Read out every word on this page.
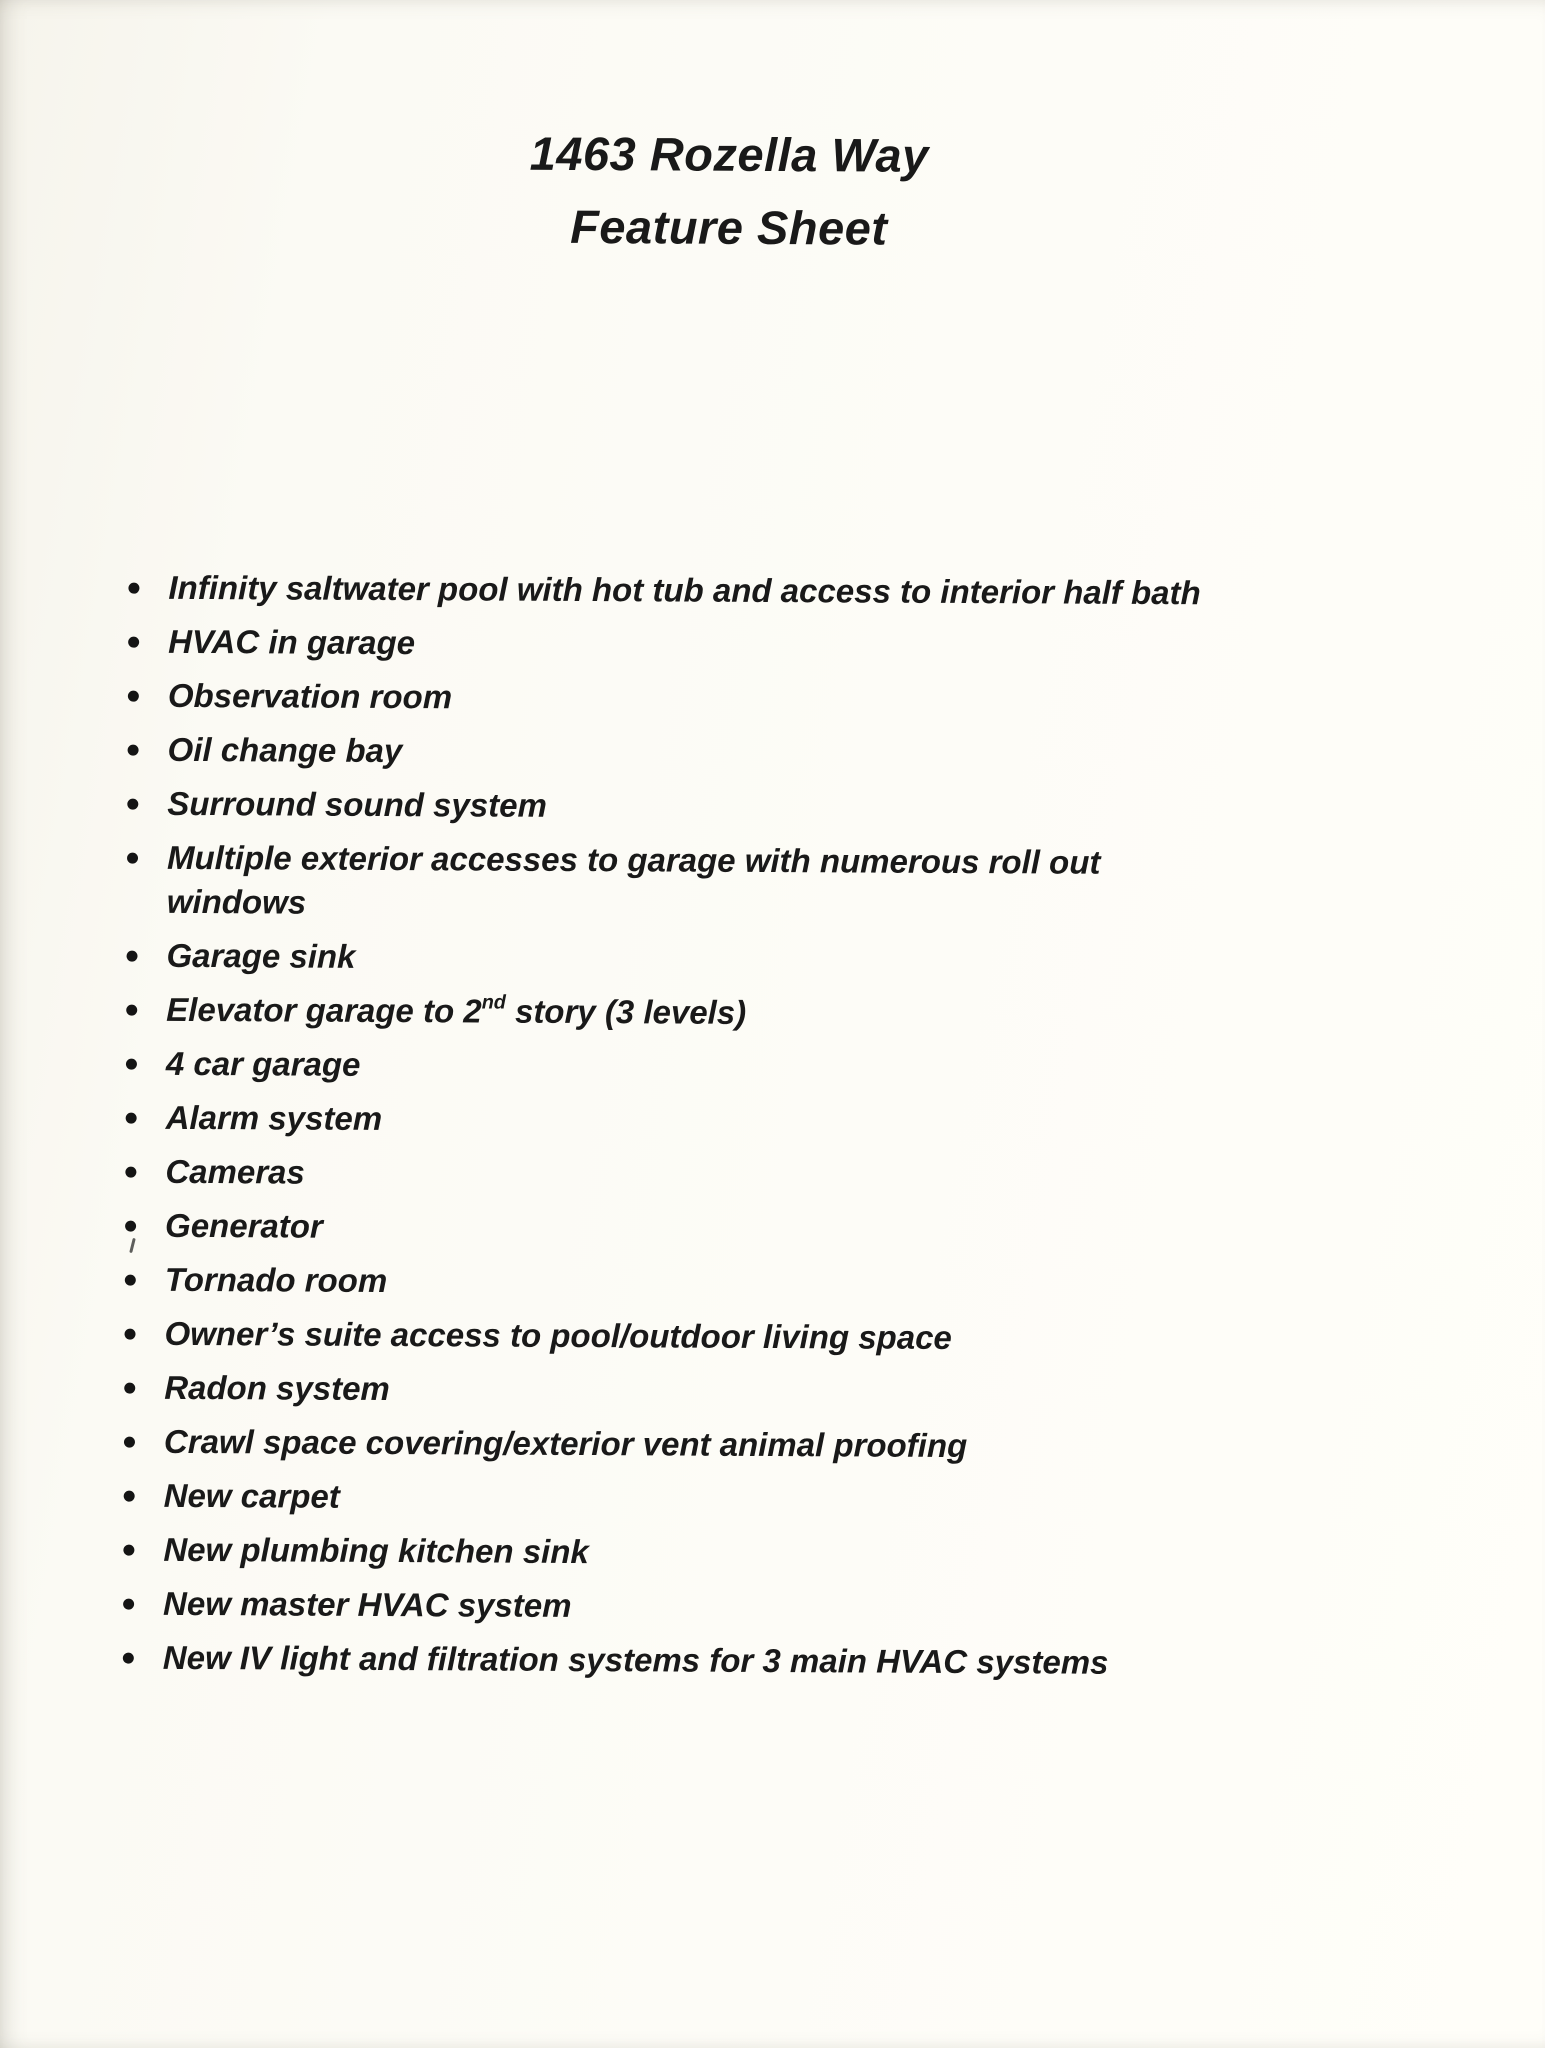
1463 Rozella Way
Feature Sheet
Infinity saltwater pool with hot tub and access to interior half bath
HVAC in garage
Observation room
Oil change bay
Surround sound system
Multiple exterior accesses to garage with numerous roll out
windows
Garage sink
Elevator garage to 2nd story (3 levels)
4 car garage
Alarm system
Cameras
Generator
Tornado room
Owner’s suite access to pool/outdoor living space
Radon system
Crawl space covering/exterior vent animal proofing
New carpet
New plumbing kitchen sink
New master HVAC system
New IV light and filtration systems for 3 main HVAC systems
